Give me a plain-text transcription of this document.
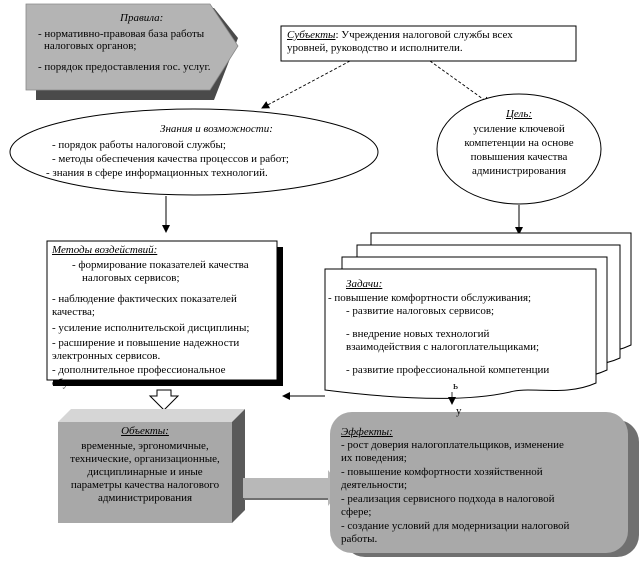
Правила:
- нормативно-правовая база работы
налоговых органов;
- порядок предоставления гос. услуг.
Субъекты: Учреждения налоговой службы всех
уровней, руководство и исполнители.
Знания и возможности:
- порядок работы налоговой службы;
- методы обеспечения качества процессов и работ;
- знания в сфере информационных технологий.
Цель:
усиление ключевой
компетенции на основе
повышения качества
администрирования
Методы воздействий:
- формирование показателей качества
налоговых сервисов;
- наблюдение фактических показателей
качества;
- усиление исполнительской дисциплины;
- расширение и повышение надежности
электронных сервисов.
- дополнительное профессиональное
обучение.
Задачи:
- повышение комфортности обслуживания;
- развитие налоговых сервисов;
- внедрение новых технологий
взаимодействия с налогоплательщиками;
- развитие профессиональной компетенции
ь
у
Объекты:
временные, эргономичные,
технические, организационные,
дисциплинарные и иные
параметры качества налогового
администрирования
Эффекты:
- рост доверия налогоплательщиков, изменение
их поведения;
- повышение комфортности хозяйственной
деятельности;
- реализация сервисного подхода в налоговой
сфере;
- создание условий для модернизации налоговой
работы.
